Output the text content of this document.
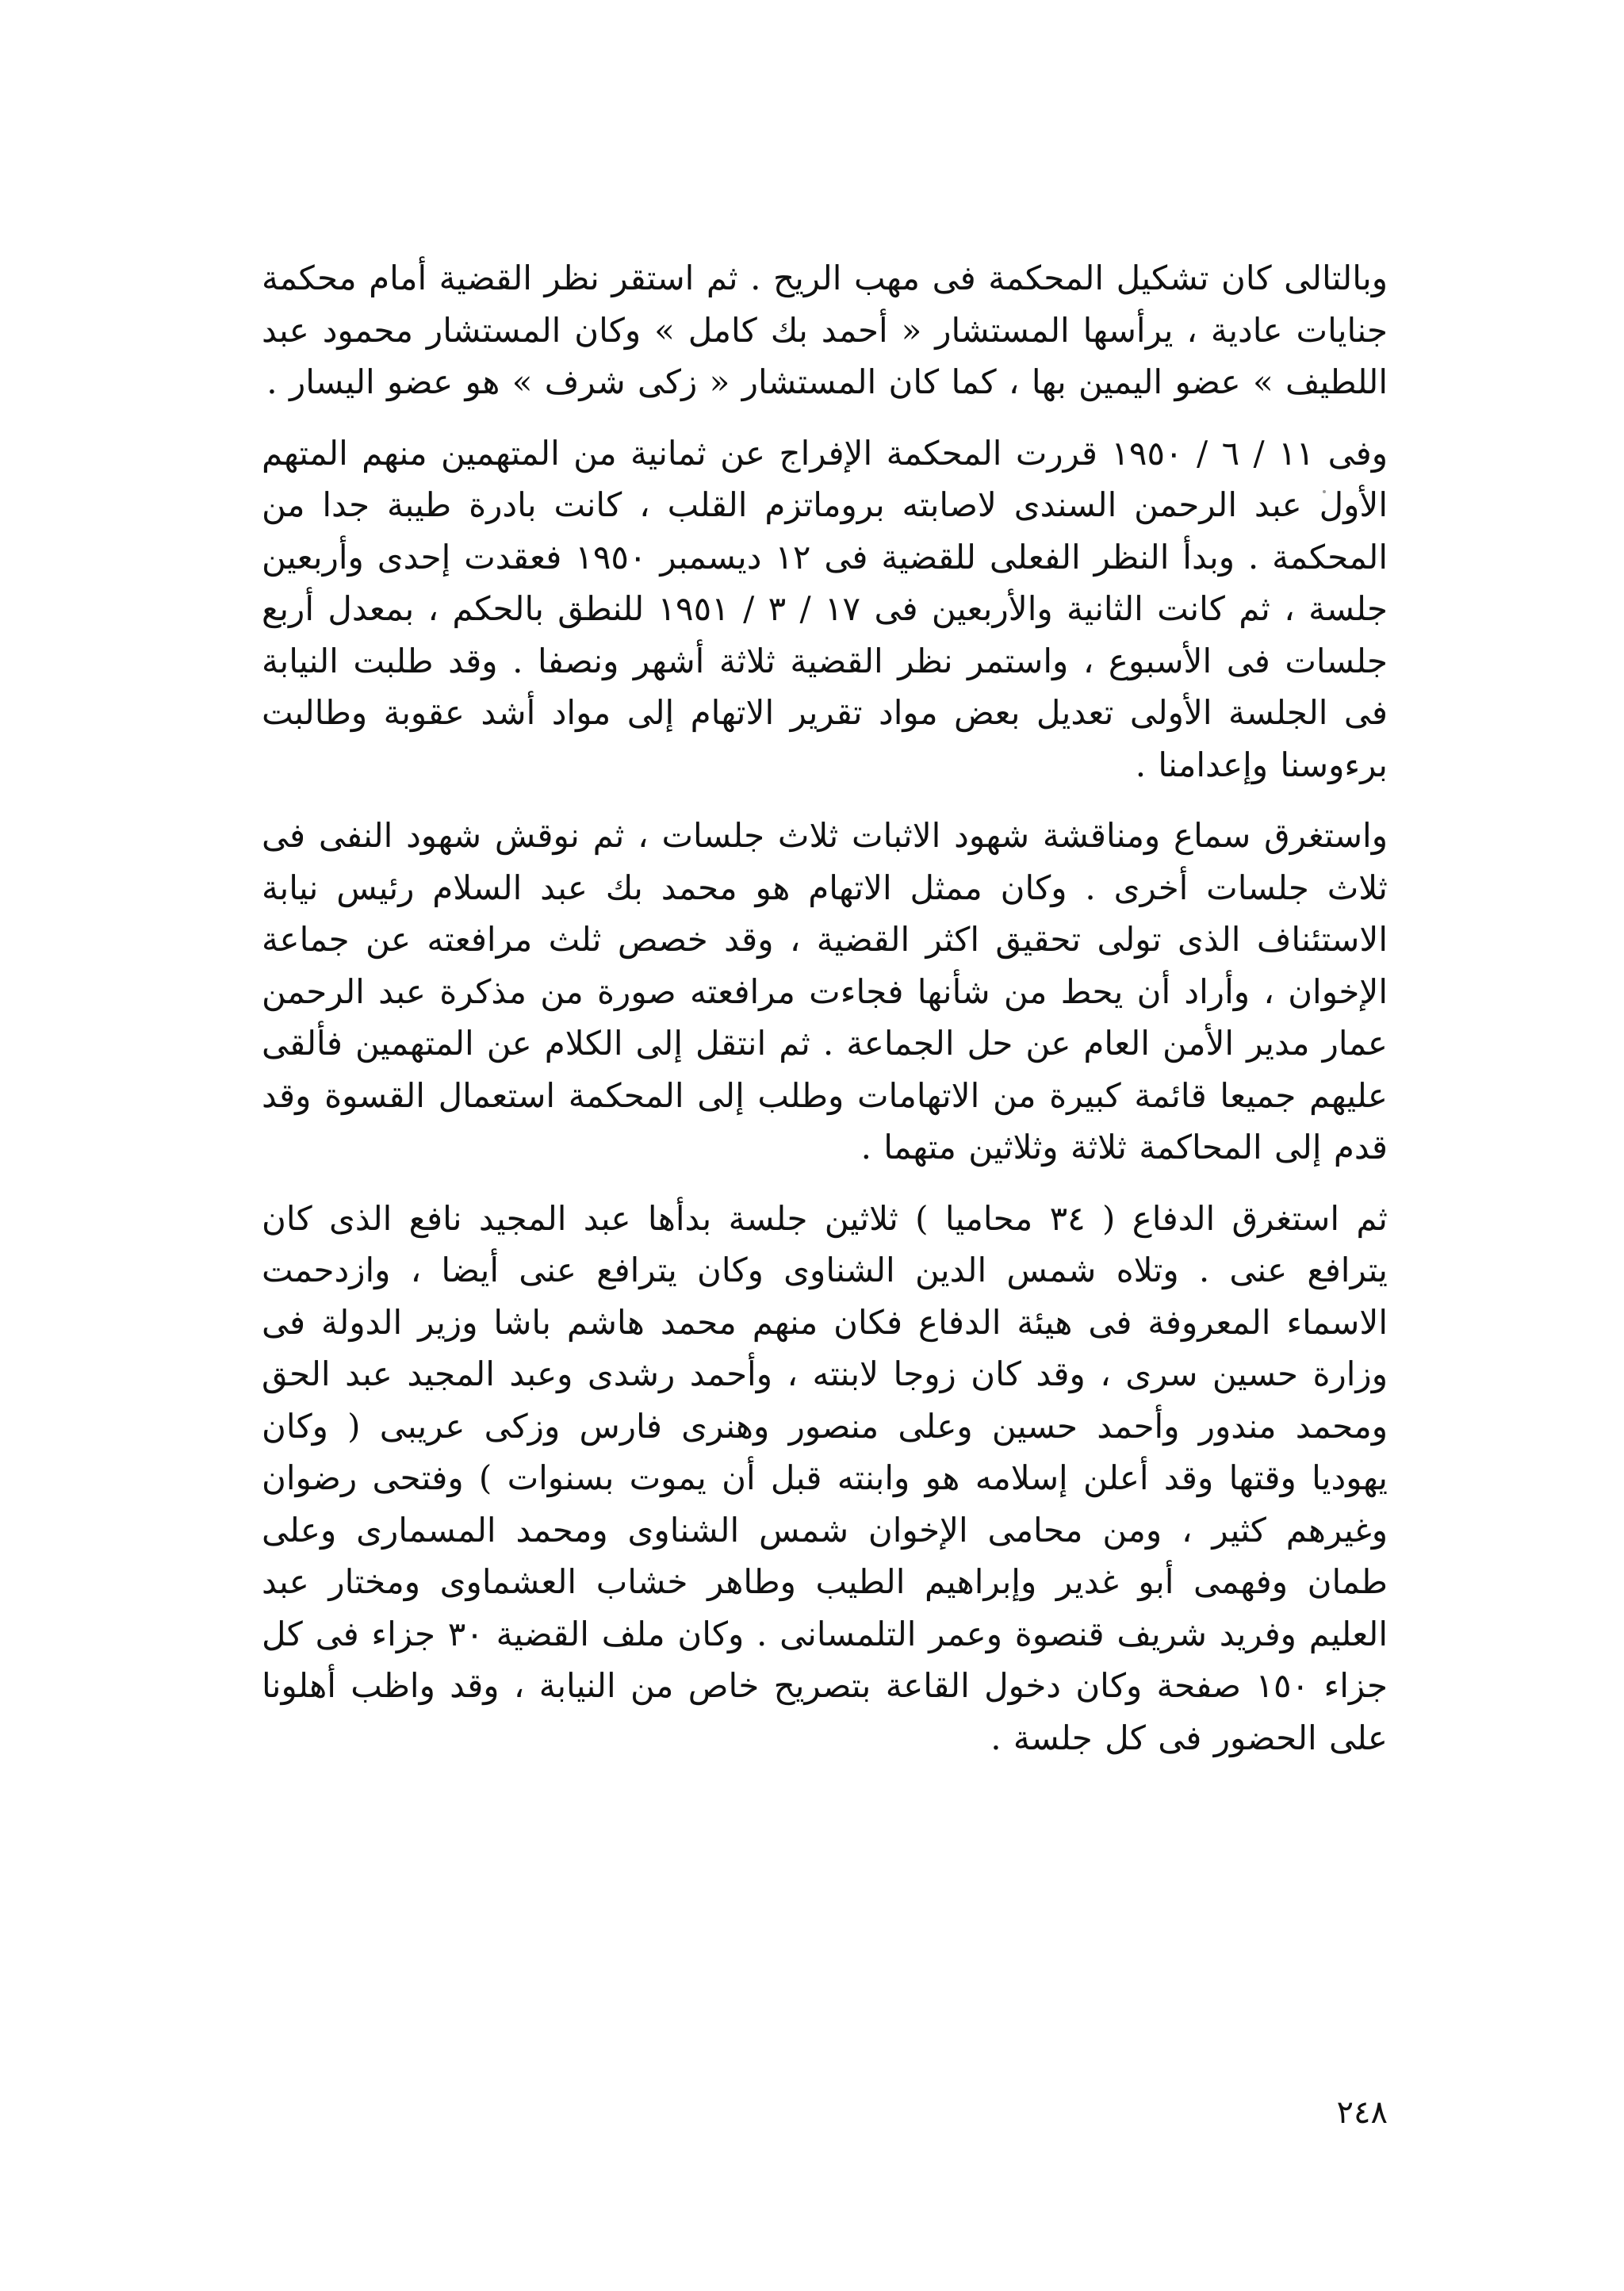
وبالتالى كان تشكيل المحكمة فى مهب الريح . ثم استقر نظر القضية أمام محكمة جنايات عادية ، يرأسها المستشار « أحمد بك كامل » وكان المستشار محمود عبد اللطيف » عضو اليمين بها ، كما كان المستشار « زكى شرف » هو عضو اليسار .

وفى ١١ / ٦ / ١٩٥٠ قررت المحكمة الإفراج عن ثمانية من المتهمين منهم المتهم الأول عبد الرحمن السندى لاصابته بروماتزم القلب ، كانت بادرة طيبة جدا من المحكمة . وبدأ النظر الفعلى للقضية فى ١٢ ديسمبر ١٩٥٠ فعقدت إحدى وأربعين جلسة ، ثم كانت الثانية والأربعين فى ١٧ / ٣ / ١٩٥١ للنطق بالحكم ، بمعدل أربع جلسات فى الأسبوع ، واستمر نظر القضية ثلاثة أشهر ونصفا . وقد طلبت النيابة فى الجلسة الأولى تعديل بعض مواد تقرير الاتهام إلى مواد أشد عقوبة وطالبت برءوسنا وإعدامنا .

واستغرق سماع ومناقشة شهود الاثبات ثلاث جلسات ، ثم نوقش شهود النفى فى ثلاث جلسات أخرى . وكان ممثل الاتهام هو محمد بك عبد السلام رئيس نيابة الاستئناف الذى تولى تحقيق اكثر القضية ، وقد خصص ثلث مرافعته عن جماعة الإخوان ، وأراد أن يحط من شأنها فجاءت مرافعته صورة من مذكرة عبد الرحمن عمار مدير الأمن العام عن حل الجماعة . ثم انتقل إلى الكلام عن المتهمين فألقى عليهم جميعا قائمة كبيرة من الاتهامات وطلب إلى المحكمة استعمال القسوة وقد قدم إلى المحاكمة ثلاثة وثلاثين متهما .

ثم استغرق الدفاع ( ٣٤ محاميا ) ثلاثين جلسة بدأها عبد المجيد نافع الذى كان يترافع عنى . وتلاه شمس الدين الشناوى وكان يترافع عنى أيضا ، وازدحمت الاسماء المعروفة فى هيئة الدفاع فكان منهم محمد هاشم باشا وزير الدولة فى وزارة حسين سرى ، وقد كان زوجا لابنته ، وأحمد رشدى وعبد المجيد عبد الحق ومحمد مندور وأحمد حسين وعلى منصور وهنرى فارس وزكى عريبى ( وكان يهوديا وقتها وقد أعلن إسلامه هو وابنته قبل أن يموت بسنوات ) وفتحى رضوان وغيرهم كثير ، ومن محامى الإخوان شمس الشناوى ومحمد المسمارى وعلى طمان وفهمى أبو غدير وإبراهيم الطيب وطاهر خشاب العشماوى ومختار عبد العليم وفريد شريف قنصوة وعمر التلمسانى . وكان ملف القضية ٣٠ جزاء فى كل جزاء ١٥٠ صفحة وكان دخول القاعة بتصريح خاص من النيابة ، وقد واظب أهلونا على الحضور فى كل جلسة .

٢٤٨
